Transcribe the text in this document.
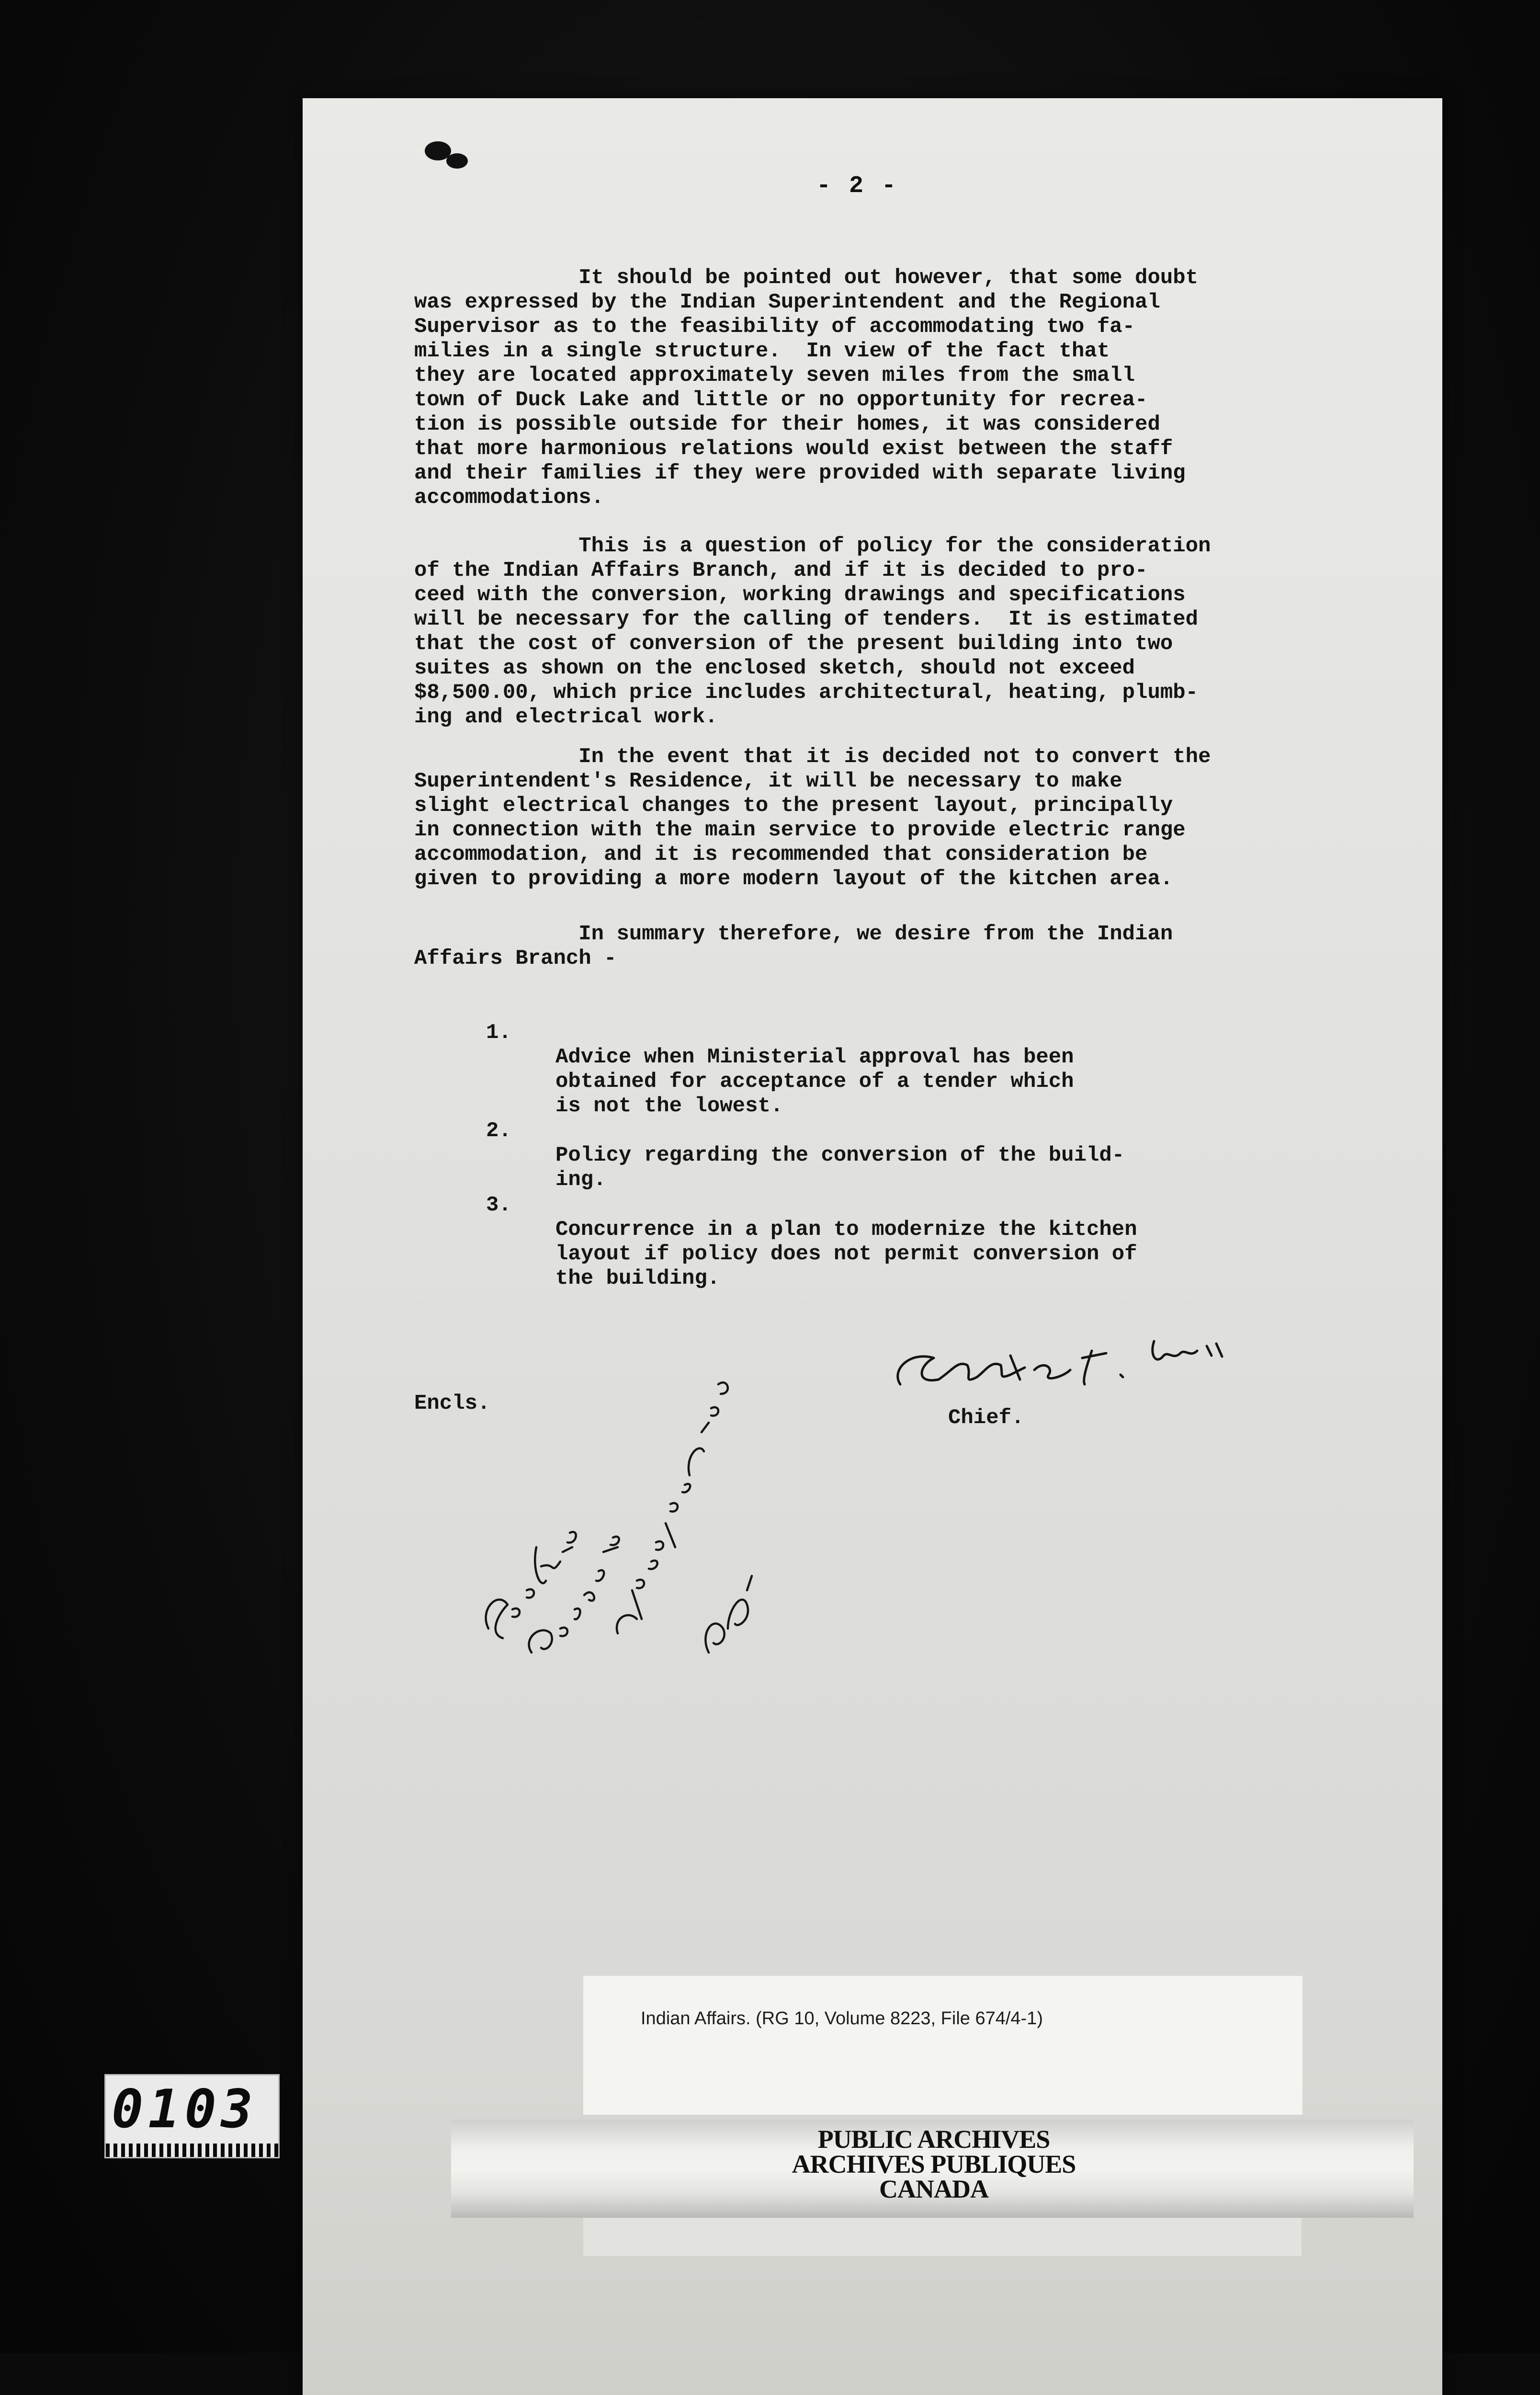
- 2 -

It should be pointed out however, that some doubt
was expressed by the Indian Superintendent and the Regional
Supervisor as to the feasibility of accommodating two fa-
milies in a single structure.  In view of the fact that
they are located approximately seven miles from the small
town of Duck Lake and little or no opportunity for recrea-
tion is possible outside for their homes, it was considered
that more harmonious relations would exist between the staff
and their families if they were provided with separate living
accommodations.

This is a question of policy for the consideration
of the Indian Affairs Branch, and if it is decided to pro-
ceed with the conversion, working drawings and specifications
will be necessary for the calling of tenders.  It is estimated
that the cost of conversion of the present building into two
suites as shown on the enclosed sketch, should not exceed
$8,500.00, which price includes architectural, heating, plumb-
ing and electrical work.

In the event that it is decided not to convert the
Superintendent's Residence, it will be necessary to make
slight electrical changes to the present layout, principally
in connection with the main service to provide electric range
accommodation, and it is recommended that consideration be
given to providing a more modern layout of the kitchen area.

In summary therefore, we desire from the Indian
Affairs Branch -

1.

Advice when Ministerial approval has been
obtained for acceptance of a tender which
is not the lowest.

2.

Policy regarding the conversion of the build-
ing.

3.

Concurrence in a plan to modernize the kitchen
layout if policy does not permit conversion of
the building.

Encls.
Chief.
Indian Affairs. (RG 10, Volume 8223, File 674/4-1)
PUBLIC ARCHIVES
ARCHIVES PUBLIQUES
CANADA
0103
